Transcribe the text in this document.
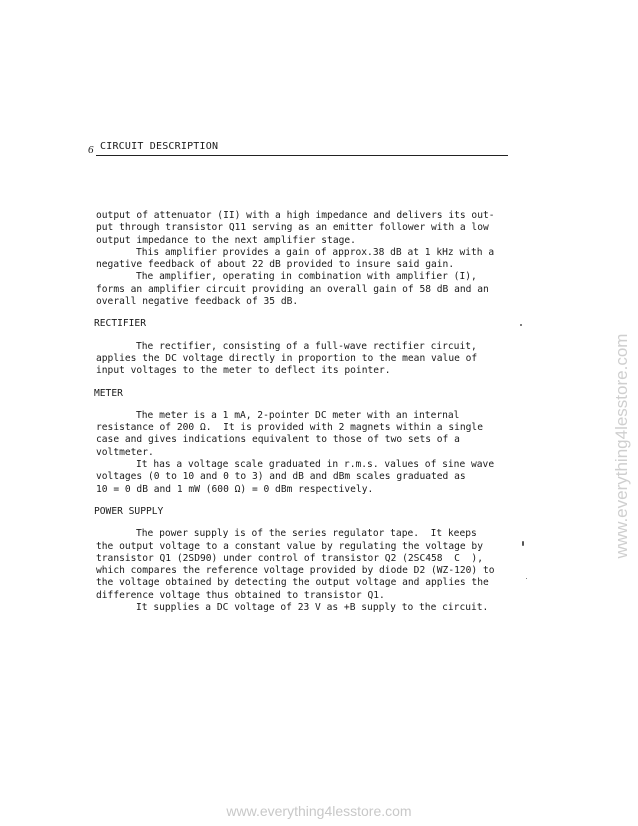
6 CIRCUIT DESCRIPTION
output of attenuator (II) with a high impedance and delivers its out-
put through transistor Q11 serving as an emitter follower with a low
output impedance to the next amplifier stage.
This amplifier provides a gain of approx.38 dB at 1 kHz with a
negative feedback of about 22 dB provided to insure said gain.
The amplifier, operating in combination with amplifier (I),
forms an amplifier circuit providing an overall gain of 58 dB and an
overall negative feedback of 35 dB.
RECTIFIER
The rectifier, consisting of a full-wave rectifier circuit,
applies the DC voltage directly in proportion to the mean value of
input voltages to the meter to deflect its pointer.
METER
The meter is a 1 mA, 2-pointer DC meter with an internal
resistance of 200 Ω.  It is provided with 2 magnets within a single
case and gives indications equivalent to those of two sets of a
voltmeter.
It has a voltage scale graduated in r.m.s. values of sine wave
voltages (0 to 10 and 0 to 3) and dB and dBm scales graduated as
10 = 0 dB and 1 mW (600 Ω) = 0 dBm respectively.
POWER SUPPLY
The power supply is of the series regulator tape.  It keeps
the output voltage to a constant value by regulating the voltage by
transistor Q1 (2SD90) under control of transistor Q2 (2SC458  C  ),
which compares the reference voltage provided by diode D2 (WZ-120) to
the voltage obtained by detecting the output voltage and applies the
difference voltage thus obtained to transistor Q1.
It supplies a DC voltage of 23 V as +B supply to the circuit.
www.everything4lesstore.com
www.everything4lesstore.com
